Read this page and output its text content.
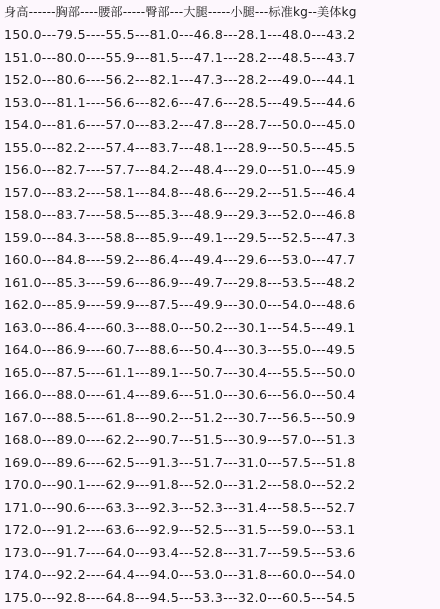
身高------胸部----腰部-----臀部---大腿-----小腿---标准kg--美体kg
150.0---79.5----55.5---81.0---46.8---28.1---48.0---43.2
151.0---80.0----55.9---81.5---47.1---28.2---48.5---43.7
152.0---80.6----56.2---82.1---47.3---28.2---49.0---44.1
153.0---81.1----56.6---82.6---47.6---28.5---49.5---44.6
154.0---81.6----57.0---83.2---47.8---28.7---50.0---45.0
155.0---82.2----57.4---83.7---48.1---28.9---50.5---45.5
156.0---82.7----57.7---84.2---48.4---29.0---51.0---45.9
157.0---83.2----58.1---84.8---48.6---29.2---51.5---46.4
158.0---83.7----58.5---85.3---48.9---29.3---52.0---46.8
159.0---84.3----58.8---85.9---49.1---29.5---52.5---47.3
160.0---84.8----59.2---86.4---49.4---29.6---53.0---47.7
161.0---85.3----59.6---86.9---49.7---29.8---53.5---48.2
162.0---85.9----59.9---87.5---49.9---30.0---54.0---48.6
163.0---86.4----60.3---88.0---50.2---30.1---54.5---49.1
164.0---86.9----60.7---88.6---50.4---30.3---55.0---49.5
165.0---87.5----61.1---89.1---50.7---30.4---55.5---50.0
166.0---88.0----61.4---89.6---51.0---30.6---56.0---50.4
167.0---88.5----61.8---90.2---51.2---30.7---56.5---50.9
168.0---89.0----62.2---90.7---51.5---30.9---57.0---51.3
169.0---89.6----62.5---91.3---51.7---31.0---57.5---51.8
170.0---90.1----62.9---91.8---52.0---31.2---58.0---52.2
171.0---90.6----63.3---92.3---52.3---31.4---58.5---52.7
172.0---91.2----63.6---92.9---52.5---31.5---59.0---53.1
173.0---91.7----64.0---93.4---52.8---31.7---59.5---53.6
174.0---92.2----64.4---94.0---53.0---31.8---60.0---54.0
175.0---92.8----64.8---94.5---53.3---32.0---60.5---54.5
